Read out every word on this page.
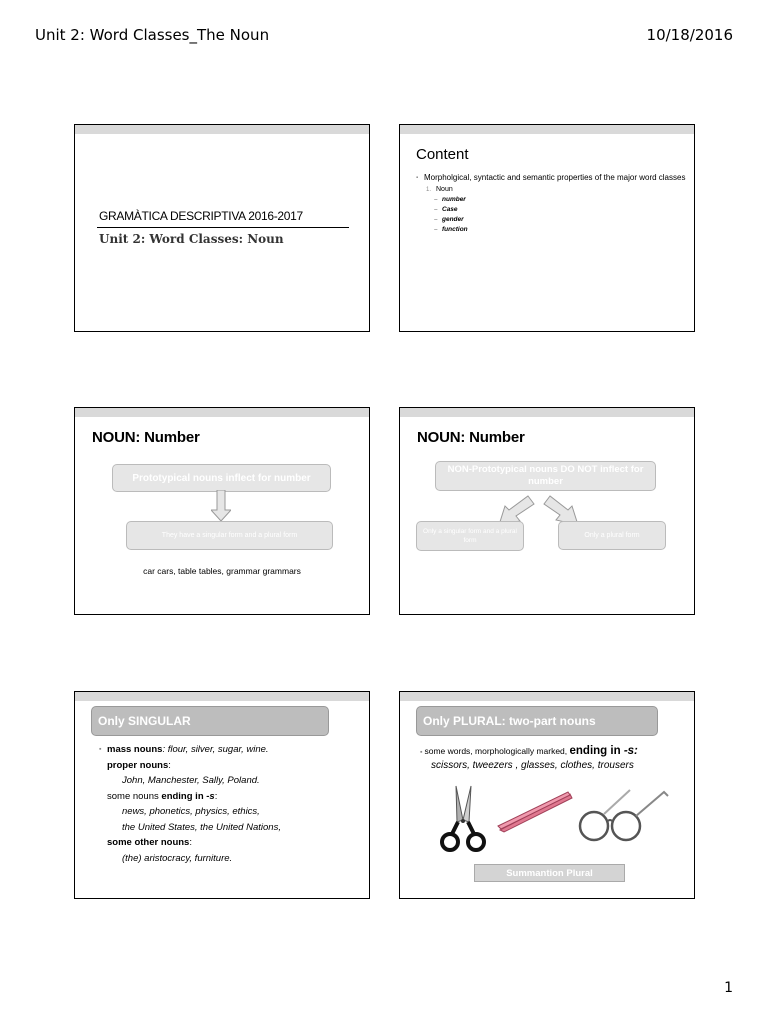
Unit 2: Word Classes_The Noun	10/18/2016
GRAMÀTICA DESCRIPTIVA 2016-2017
Unit 2: Word Classes: Noun
Content
▪ Morpholgical, syntactic and semantic properties of the major word classes
1. Noun
– number
– Case
– gender
– function
NOUN: Number
Prototypical nouns inflect for number
They have a singular form and a plural form
car cars, table tables, grammar grammars
NOUN: Number
NON-Prototypical nouns DO NOT inflect for number
Only a singular form and a plural form
Only a plural form
Only SINGULAR
▪ mass nouns: flour, silver, sugar, wine.
proper nouns:
John, Manchester, Sally, Poland.
some nouns ending in -s:
news, phonetics, physics, ethics,
the United States, the United Nations,
some other nouns:
(the) aristocracy, furniture.
Only PLURAL: two-part nouns
▪ some words, morphologically marked, ending in -s:
scissors, tweezers , glasses, clothes, trousers
Summantion Plural
1
